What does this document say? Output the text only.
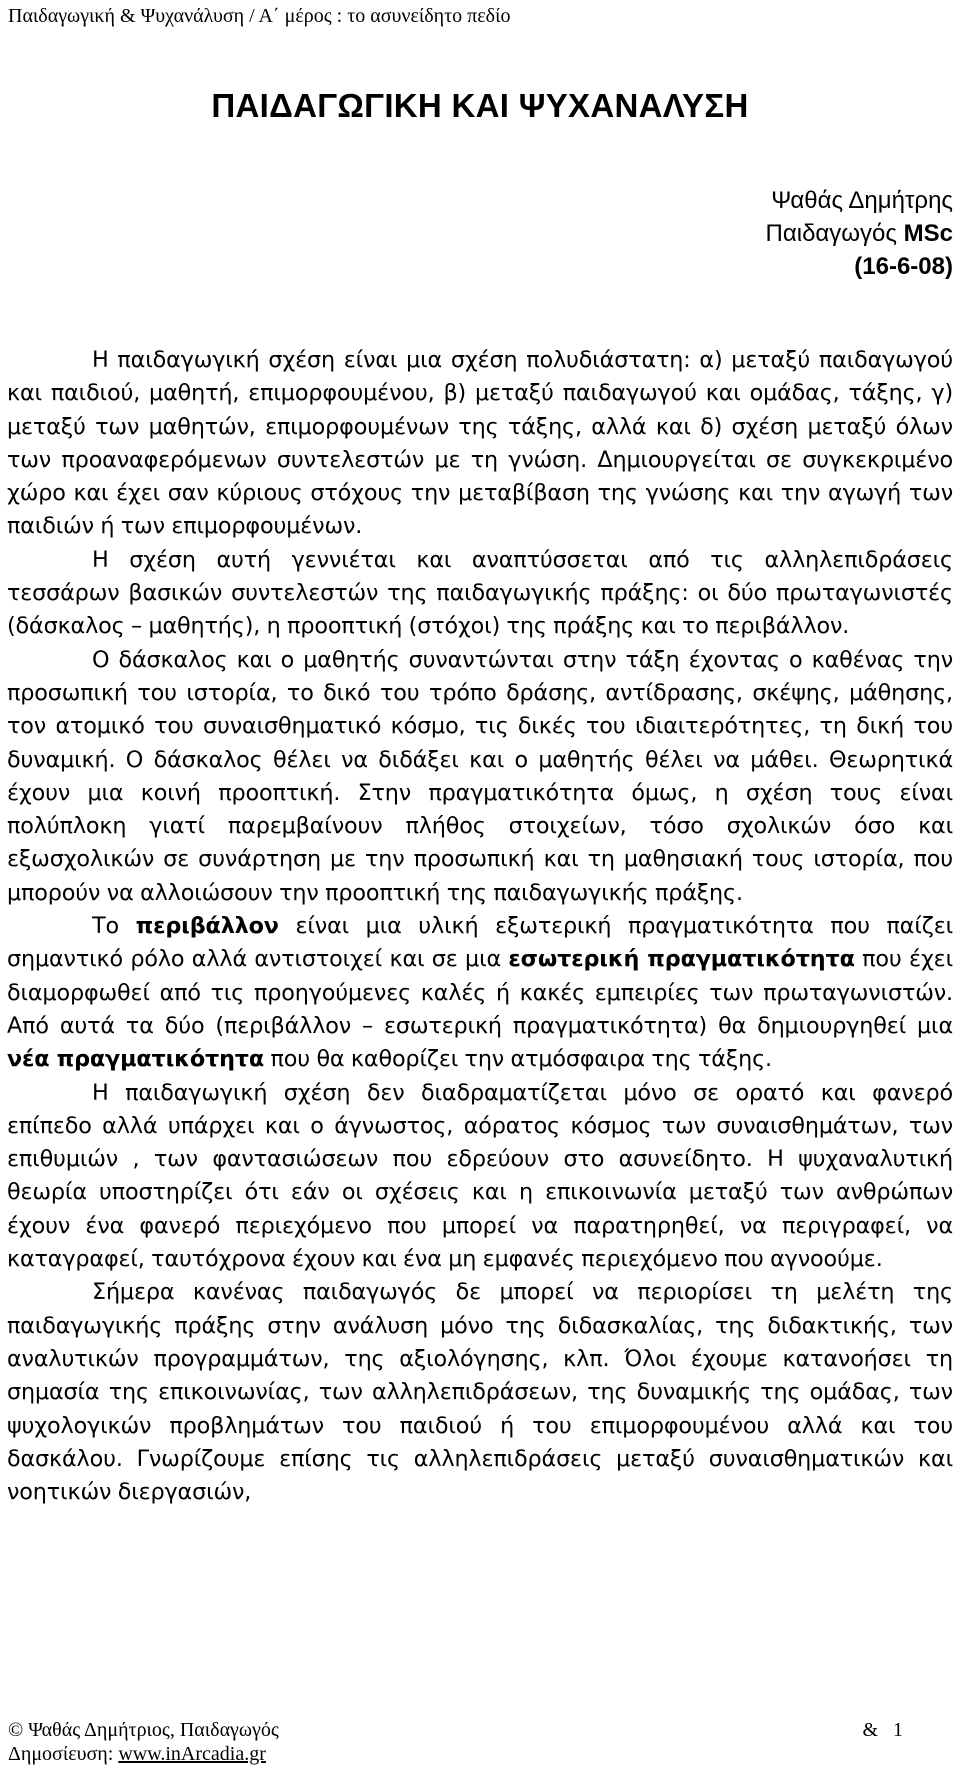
Παιδαγωγική & Ψυχανάλυση / Α΄ μέρος : το ασυνείδητο πεδίο
ΠΑΙΔΑΓΩΓΙΚΗ ΚΑΙ ΨΥΧΑΝΑΛΥΣΗ
Ψαθάς Δημήτρης
Παιδαγωγός MSc
(16-6-08)

Η παιδαγωγική σχέση είναι μια σχέση πολυδιάστατη: α) μεταξύ παιδαγωγού και παιδιού, μαθητή, επιμορφουμένου, β) μεταξύ παιδαγωγού και ομάδας, τάξης, γ) μεταξύ των μαθητών, επιμορφουμένων της τάξης, αλλά και δ) σχέση μεταξύ όλων των προαναφερόμενων συντελεστών με τη γνώση. Δημιουργείται σε συγκεκριμένο χώρο και έχει σαν κύριους στόχους την μεταβίβαση της γνώσης και την αγωγή των παιδιών ή των επιμορφουμένων.

Η σχέση αυτή γεννιέται και αναπτύσσεται από τις αλληλεπιδράσεις τεσσάρων βασικών συντελεστών της παιδαγωγικής πράξης: οι δύο πρωταγωνιστές (δάσκαλος – μαθητής), η προοπτική (στόχοι) της πράξης και το περιβάλλον.

Ο δάσκαλος και ο μαθητής συναντώνται στην τάξη έχοντας ο καθένας την προσωπική του ιστορία, το δικό του τρόπο δράσης, αντίδρασης, σκέψης, μάθησης, τον ατομικό του συναισθηματικό κόσμο, τις δικές του ιδιαιτερότητες, τη δική του δυναμική. Ο δάσκαλος θέλει να διδάξει και ο μαθητής θέλει να μάθει. Θεωρητικά έχουν μια κοινή προοπτική. Στην πραγματικότητα όμως, η σχέση τους είναι πολύπλοκη γιατί παρεμβαίνουν πλήθος στοιχείων, τόσο σχολικών όσο και εξωσχολικών σε συνάρτηση με την προσωπική και τη μαθησιακή τους ιστορία, που μπορούν να αλλοιώσουν την προοπτική της παιδαγωγικής πράξης.

Το περιβάλλον είναι μια υλική εξωτερική πραγματικότητα που παίζει σημαντικό ρόλο αλλά αντιστοιχεί και σε μια εσωτερική πραγματικότητα που έχει διαμορφωθεί από τις προηγούμενες καλές ή κακές εμπειρίες των πρωταγωνιστών. Από αυτά τα δύο (περιβάλλον – εσωτερική πραγματικότητα) θα δημιουργηθεί μια νέα πραγματικότητα που θα καθορίζει την ατμόσφαιρα της τάξης.

Η παιδαγωγική σχέση δεν διαδραματίζεται μόνο σε ορατό και φανερό επίπεδο αλλά υπάρχει και ο άγνωστος, αόρατος κόσμος των συναισθημάτων, των επιθυμιών , των φαντασιώσεων που εδρεύουν στο ασυνείδητο. Η ψυχαναλυτική θεωρία υποστηρίζει ότι εάν οι σχέσεις και η επικοινωνία μεταξύ των ανθρώπων έχουν ένα φανερό περιεχόμενο που μπορεί να παρατηρηθεί, να περιγραφεί, να καταγραφεί, ταυτόχρονα έχουν και ένα μη εμφανές περιεχόμενο που αγνοούμε.

Σήμερα κανένας παιδαγωγός δε μπορεί να περιορίσει τη μελέτη της παιδαγωγικής πράξης στην ανάλυση μόνο της διδασκαλίας, της διδακτικής, των αναλυτικών προγραμμάτων, της αξιολόγησης, κλπ. Όλοι έχουμε κατανοήσει τη σημασία της επικοινωνίας, των αλληλεπιδράσεων, της δυναμικής της ομάδας, των ψυχολογικών προβλημάτων του παιδιού ή του επιμορφουμένου αλλά και του δασκάλου. Γνωρίζουμε επίσης τις αλληλεπιδράσεις μεταξύ συναισθηματικών και νοητικών διεργασιών,

© Ψαθάς Δημήτριος, Παιδαγωγός	&   1
Δημοσίευση: www.inArcadia.gr
